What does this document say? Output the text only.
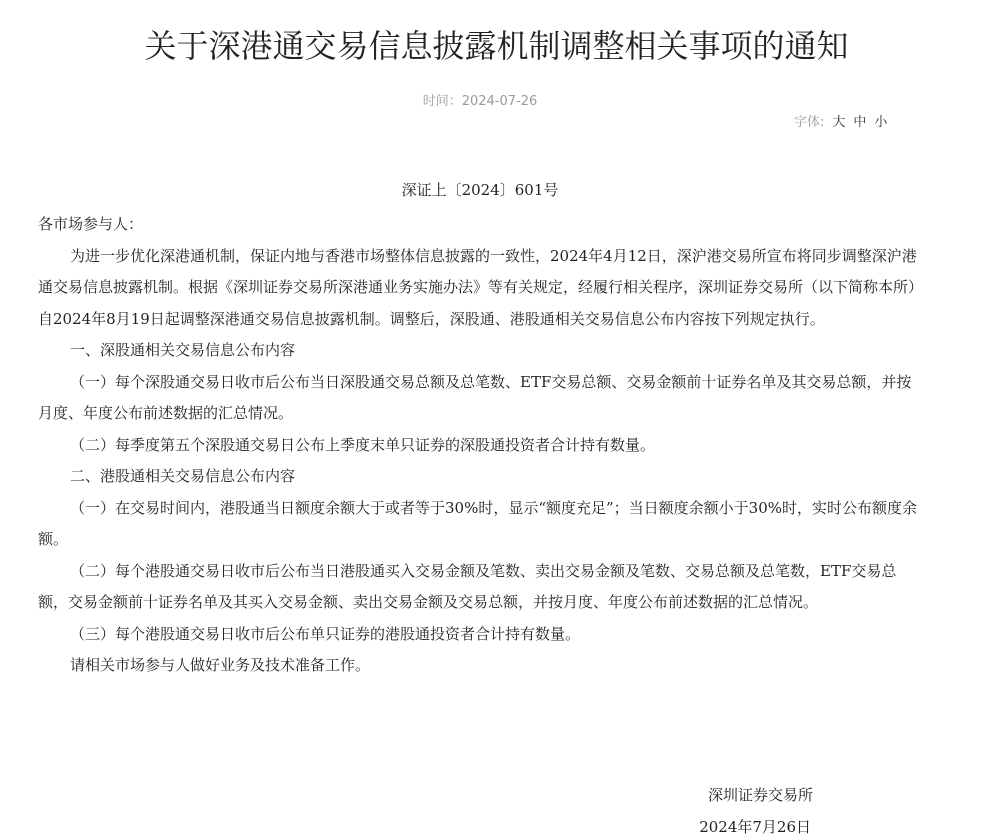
关于深港通交易信息披露机制调整相关事项的通知
时间：2024-07-26
字体: 大 中 小
深证上〔2024〕601号

各市场参与人：

为进一步优化深港通机制，保证内地与香港市场整体信息披露的一致性，2024年4月12日，深沪港交易所宣布将同步调整深沪港通交易信息披露机制。根据《深圳证券交易所深港通业务实施办法》等有关规定，经履行相关程序，深圳证券交易所（以下简称本所）自2024年8月19日起调整深港通交易信息披露机制。调整后，深股通、港股通相关交易信息公布内容按下列规定执行。

一、深股通相关交易信息公布内容

（一）每个深股通交易日收市后公布当日深股通交易总额及总笔数、ETF交易总额、交易金额前十证券名单及其交易总额，并按月度、年度公布前述数据的汇总情况。

（二）每季度第五个深股通交易日公布上季度末单只证券的深股通投资者合计持有数量。

二、港股通相关交易信息公布内容

（一）在交易时间内，港股通当日额度余额大于或者等于30%时，显示“额度充足”；当日额度余额小于30%时，实时公布额度余额。

（二）每个港股通交易日收市后公布当日港股通买入交易金额及笔数、卖出交易金额及笔数、交易总额及总笔数，ETF交易总额，交易金额前十证券名单及其买入交易金额、卖出交易金额及交易总额，并按月度、年度公布前述数据的汇总情况。

（三）每个港股通交易日收市后公布单只证券的港股通投资者合计持有数量。

请相关市场参与人做好业务及技术准备工作。

深圳证券交易所
2024年7月26日
